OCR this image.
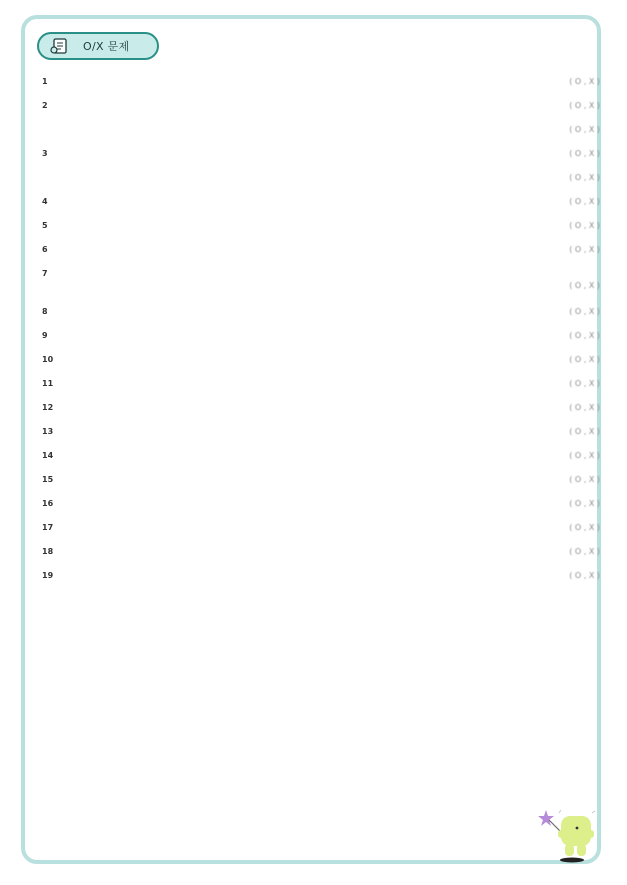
O/X 문제
1	( O , X )
2	( O , X )
( O , X )
3	( O , X )
( O , X )
4	( O , X )
5	( O , X )
6	( O , X )
7
( O , X )
8	( O , X )
9	( O , X )
10	( O , X )
11	( O , X )
12	( O , X )
13	( O , X )
14	( O , X )
15	( O , X )
16	( O , X )
17	( O , X )
18	( O , X )
19	( O , X )
